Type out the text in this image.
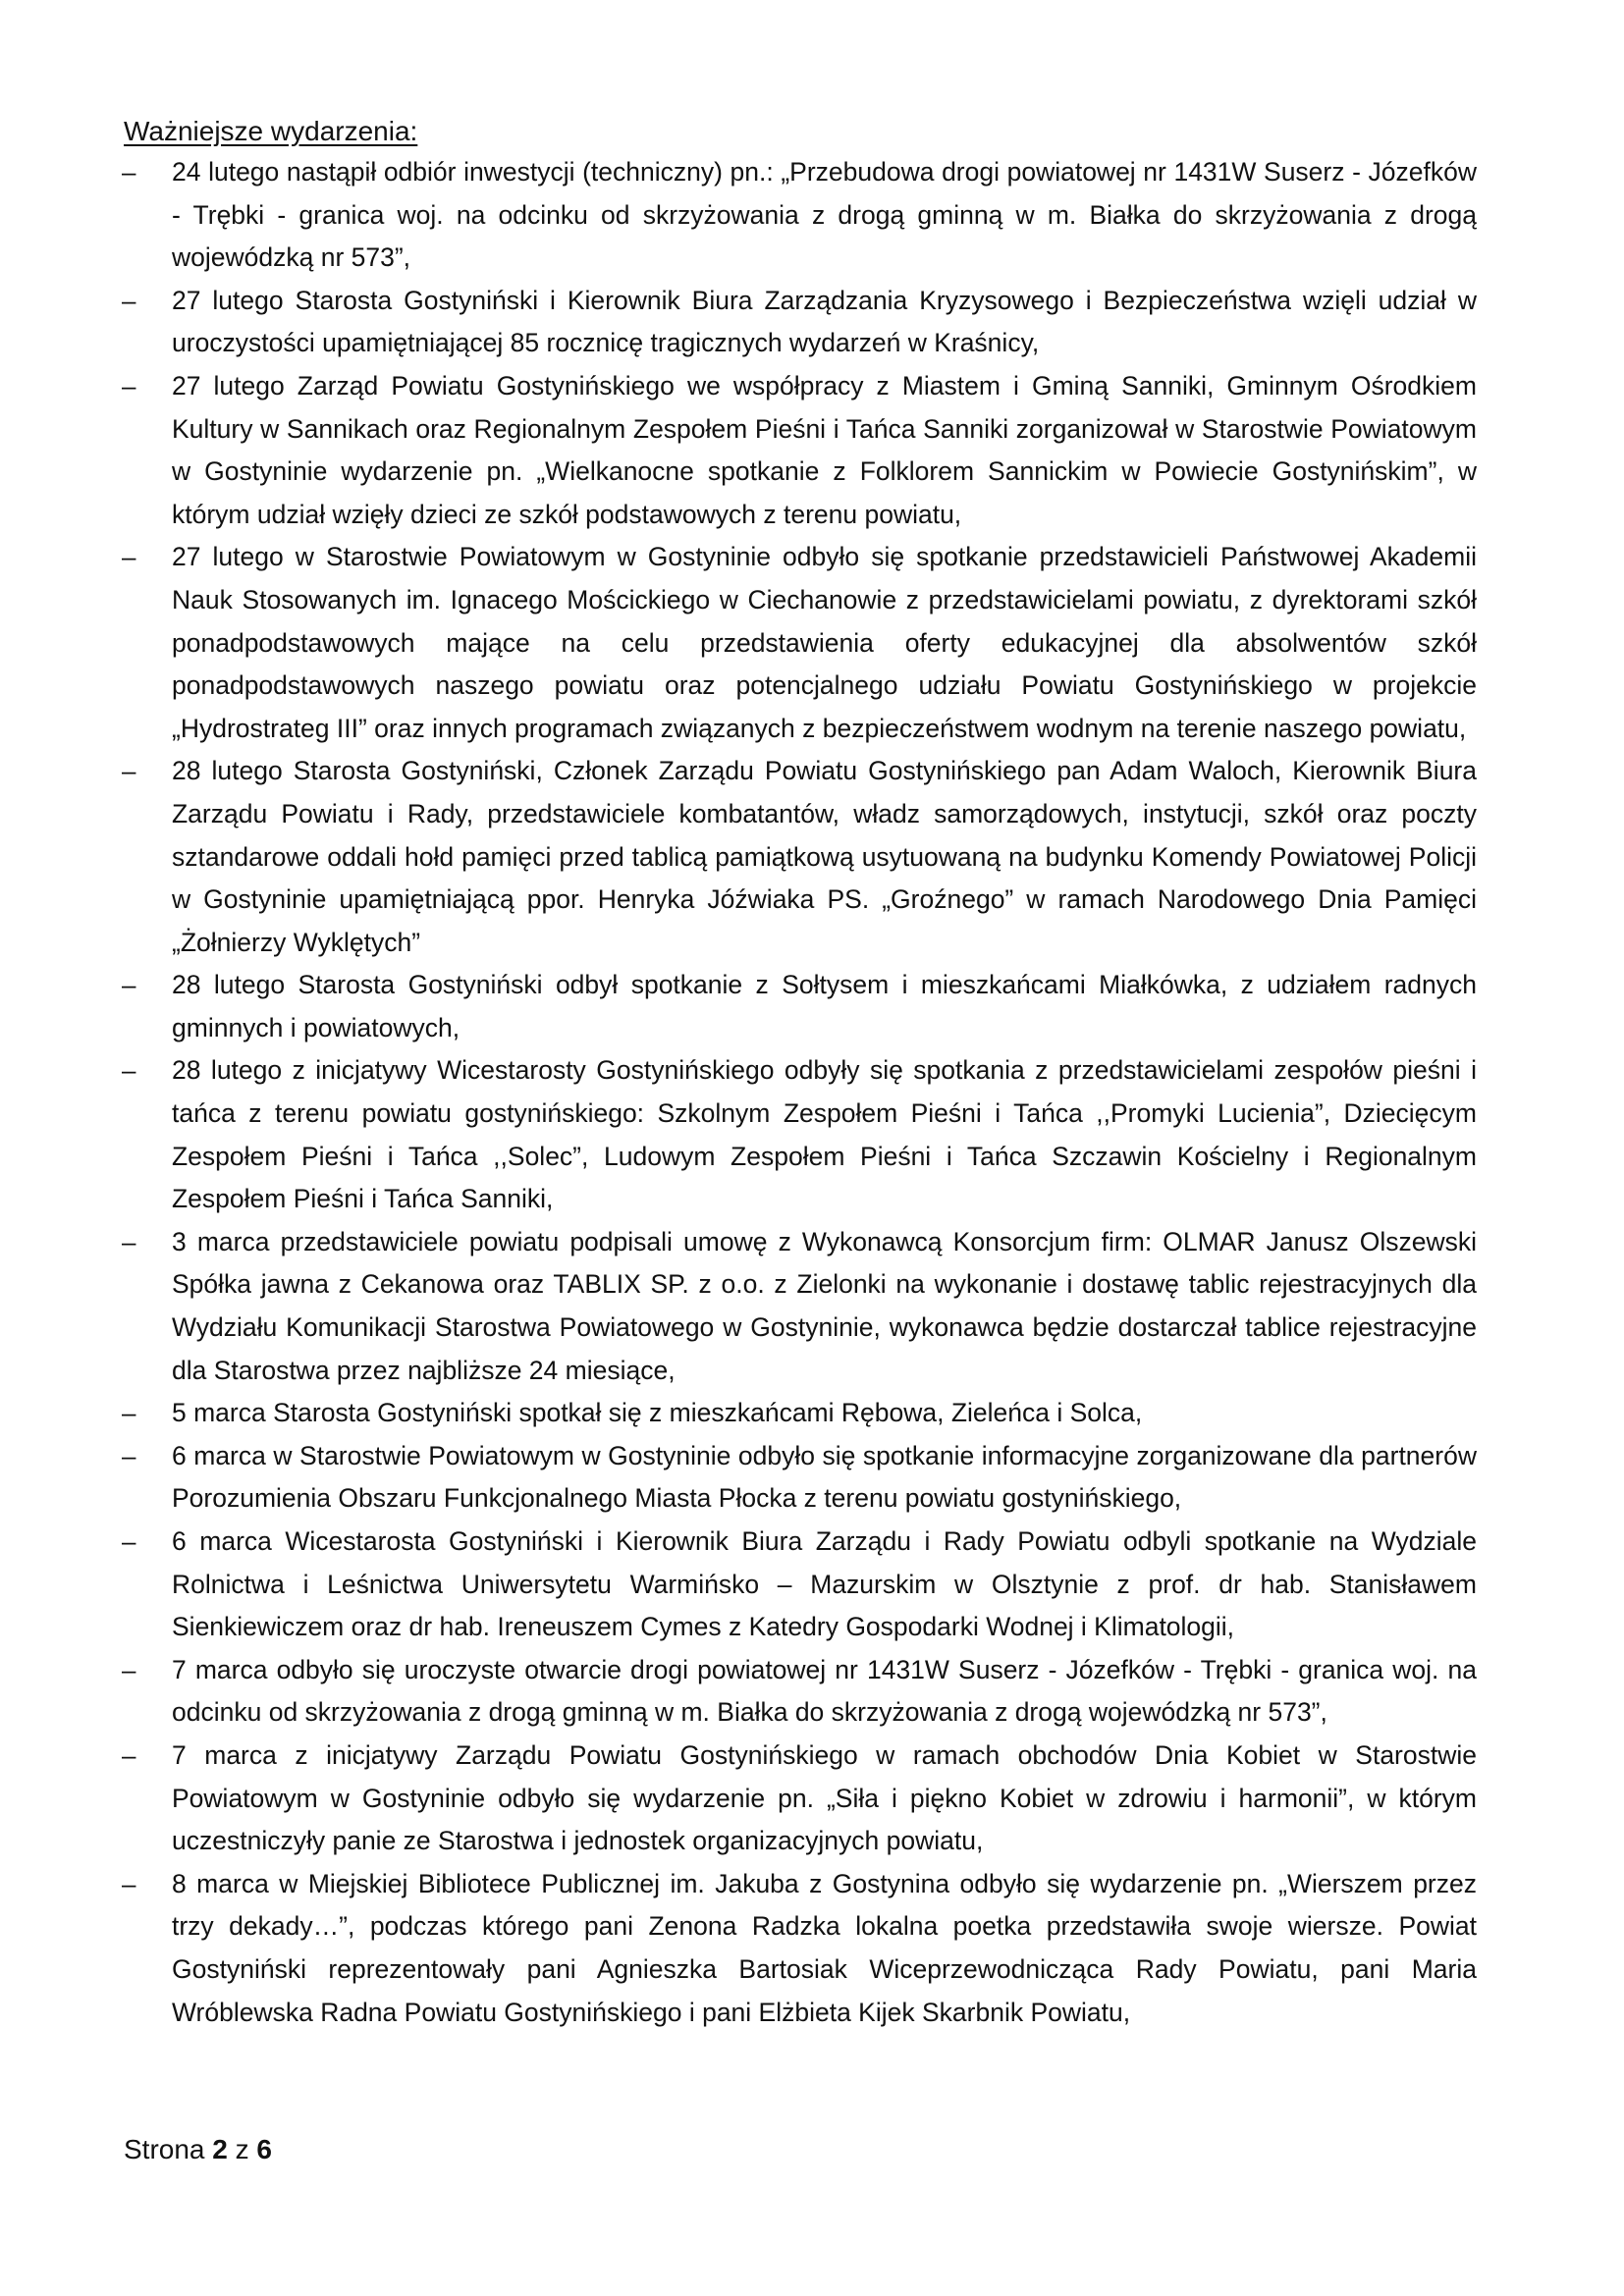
Ważniejsze wydarzenia:
– 24 lutego nastąpił odbiór inwestycji (techniczny) pn.: „Przebudowa drogi powiatowej nr 1431W Suserz - Józefków - Trębki - granica woj. na odcinku od skrzyżowania z drogą gminną w m. Białka do skrzyżowania z drogą wojewódzką nr 573”,
– 27 lutego Starosta Gostyniński i Kierownik Biura Zarządzania Kryzysowego i Bezpieczeństwa wzięli udział w uroczystości upamiętniającej 85 rocznicę tragicznych wydarzeń w Kraśnicy,
– 27 lutego Zarząd Powiatu Gostynińskiego we współpracy z Miastem i Gminą Sanniki, Gminnym Ośrodkiem Kultury w Sannikach oraz Regionalnym Zespołem Pieśni i Tańca Sanniki zorganizował w Starostwie Powiatowym w Gostyninie wydarzenie pn. „Wielkanocne spotkanie z Folklorem Sannickim w Powiecie Gostynińskim”, w którym udział wzięły dzieci ze szkół podstawowych z terenu powiatu,
– 27 lutego w Starostwie Powiatowym w Gostyninie odbyło się spotkanie przedstawicieli Państwowej Akademii Nauk Stosowanych im. Ignacego Mościckiego w Ciechanowie z przedstawicielami powiatu, z dyrektorami szkół ponadpodstawowych mające na celu przedstawienia oferty edukacyjnej dla absolwentów szkół ponadpodstawowych naszego powiatu oraz potencjalnego udziału Powiatu Gostynińskiego w projekcie „Hydrostrateg III” oraz innych programach związanych z bezpieczeństwem wodnym na terenie naszego powiatu,
– 28 lutego Starosta Gostyniński, Członek Zarządu Powiatu Gostynińskiego pan Adam Waloch, Kierownik Biura Zarządu Powiatu i Rady, przedstawiciele kombatantów, władz samorządowych, instytucji, szkół oraz poczty sztandarowe oddali hołd pamięci przed tablicą pamiątkową usytuowaną na budynku Komendy Powiatowej Policji w Gostyninie upamiętniającą ppor. Henryka Jóźwiaka PS. „Groźnego” w ramach Narodowego Dnia Pamięci „Żołnierzy Wyklętych”
– 28 lutego Starosta Gostyniński odbył spotkanie z Sołtysem i mieszkańcami Miałkówka, z udziałem radnych gminnych i powiatowych,
– 28 lutego z inicjatywy Wicestarosty Gostynińskiego odbyły się spotkania z przedstawicielami zespołów pieśni i tańca z terenu powiatu gostynińskiego: Szkolnym Zespołem Pieśni i Tańca ,,Promyki Lucienia”, Dziecięcym Zespołem Pieśni i Tańca ,,Solec”, Ludowym Zespołem Pieśni i Tańca Szczawin Kościelny i Regionalnym Zespołem Pieśni i Tańca Sanniki,
– 3 marca przedstawiciele powiatu podpisali umowę z Wykonawcą Konsorcjum firm: OLMAR Janusz Olszewski Spółka jawna z Cekanowa oraz TABLIX SP. z o.o. z Zielonki na wykonanie i dostawę tablic rejestracyjnych dla Wydziału Komunikacji Starostwa Powiatowego w Gostyninie, wykonawca będzie dostarczał tablice rejestracyjne dla Starostwa przez najbliższe 24 miesiące,
– 5 marca Starosta Gostyniński spotkał się z mieszkańcami Rębowa, Zieleńca i Solca,
– 6 marca w Starostwie Powiatowym w Gostyninie odbyło się spotkanie informacyjne zorganizowane dla partnerów Porozumienia Obszaru Funkcjonalnego Miasta Płocka z terenu powiatu gostynińskiego,
– 6 marca Wicestarosta Gostyniński i Kierownik Biura Zarządu i Rady Powiatu odbyli spotkanie na Wydziale Rolnictwa i Leśnictwa Uniwersytetu Warmińsko – Mazurskim w Olsztynie z prof. dr hab. Stanisławem Sienkiewiczem oraz dr hab. Ireneuszem Cymes z Katedry Gospodarki Wodnej i Klimatologii,
– 7 marca odbyło się uroczyste otwarcie drogi powiatowej nr 1431W Suserz - Józefków - Trębki - granica woj. na odcinku od skrzyżowania z drogą gminną w m. Białka do skrzyżowania z drogą wojewódzką nr 573”,
– 7 marca z inicjatywy Zarządu Powiatu Gostynińskiego w ramach obchodów Dnia Kobiet w Starostwie Powiatowym w Gostyninie odbyło się wydarzenie pn. „Siła i piękno Kobiet w zdrowiu i harmonii”, w którym uczestniczyły panie ze Starostwa i jednostek organizacyjnych powiatu,
– 8 marca w Miejskiej Bibliotece Publicznej im. Jakuba z Gostynina odbyło się wydarzenie pn. „Wierszem przez trzy dekady…”, podczas którego pani Zenona Radzka lokalna poetka przedstawiła swoje wiersze. Powiat Gostyniński reprezentowały pani Agnieszka Bartosiak Wiceprzewodnicząca Rady Powiatu, pani Maria Wróblewska Radna Powiatu Gostynińskiego i pani Elżbieta Kijek Skarbnik Powiatu,
Strona 2 z 6
